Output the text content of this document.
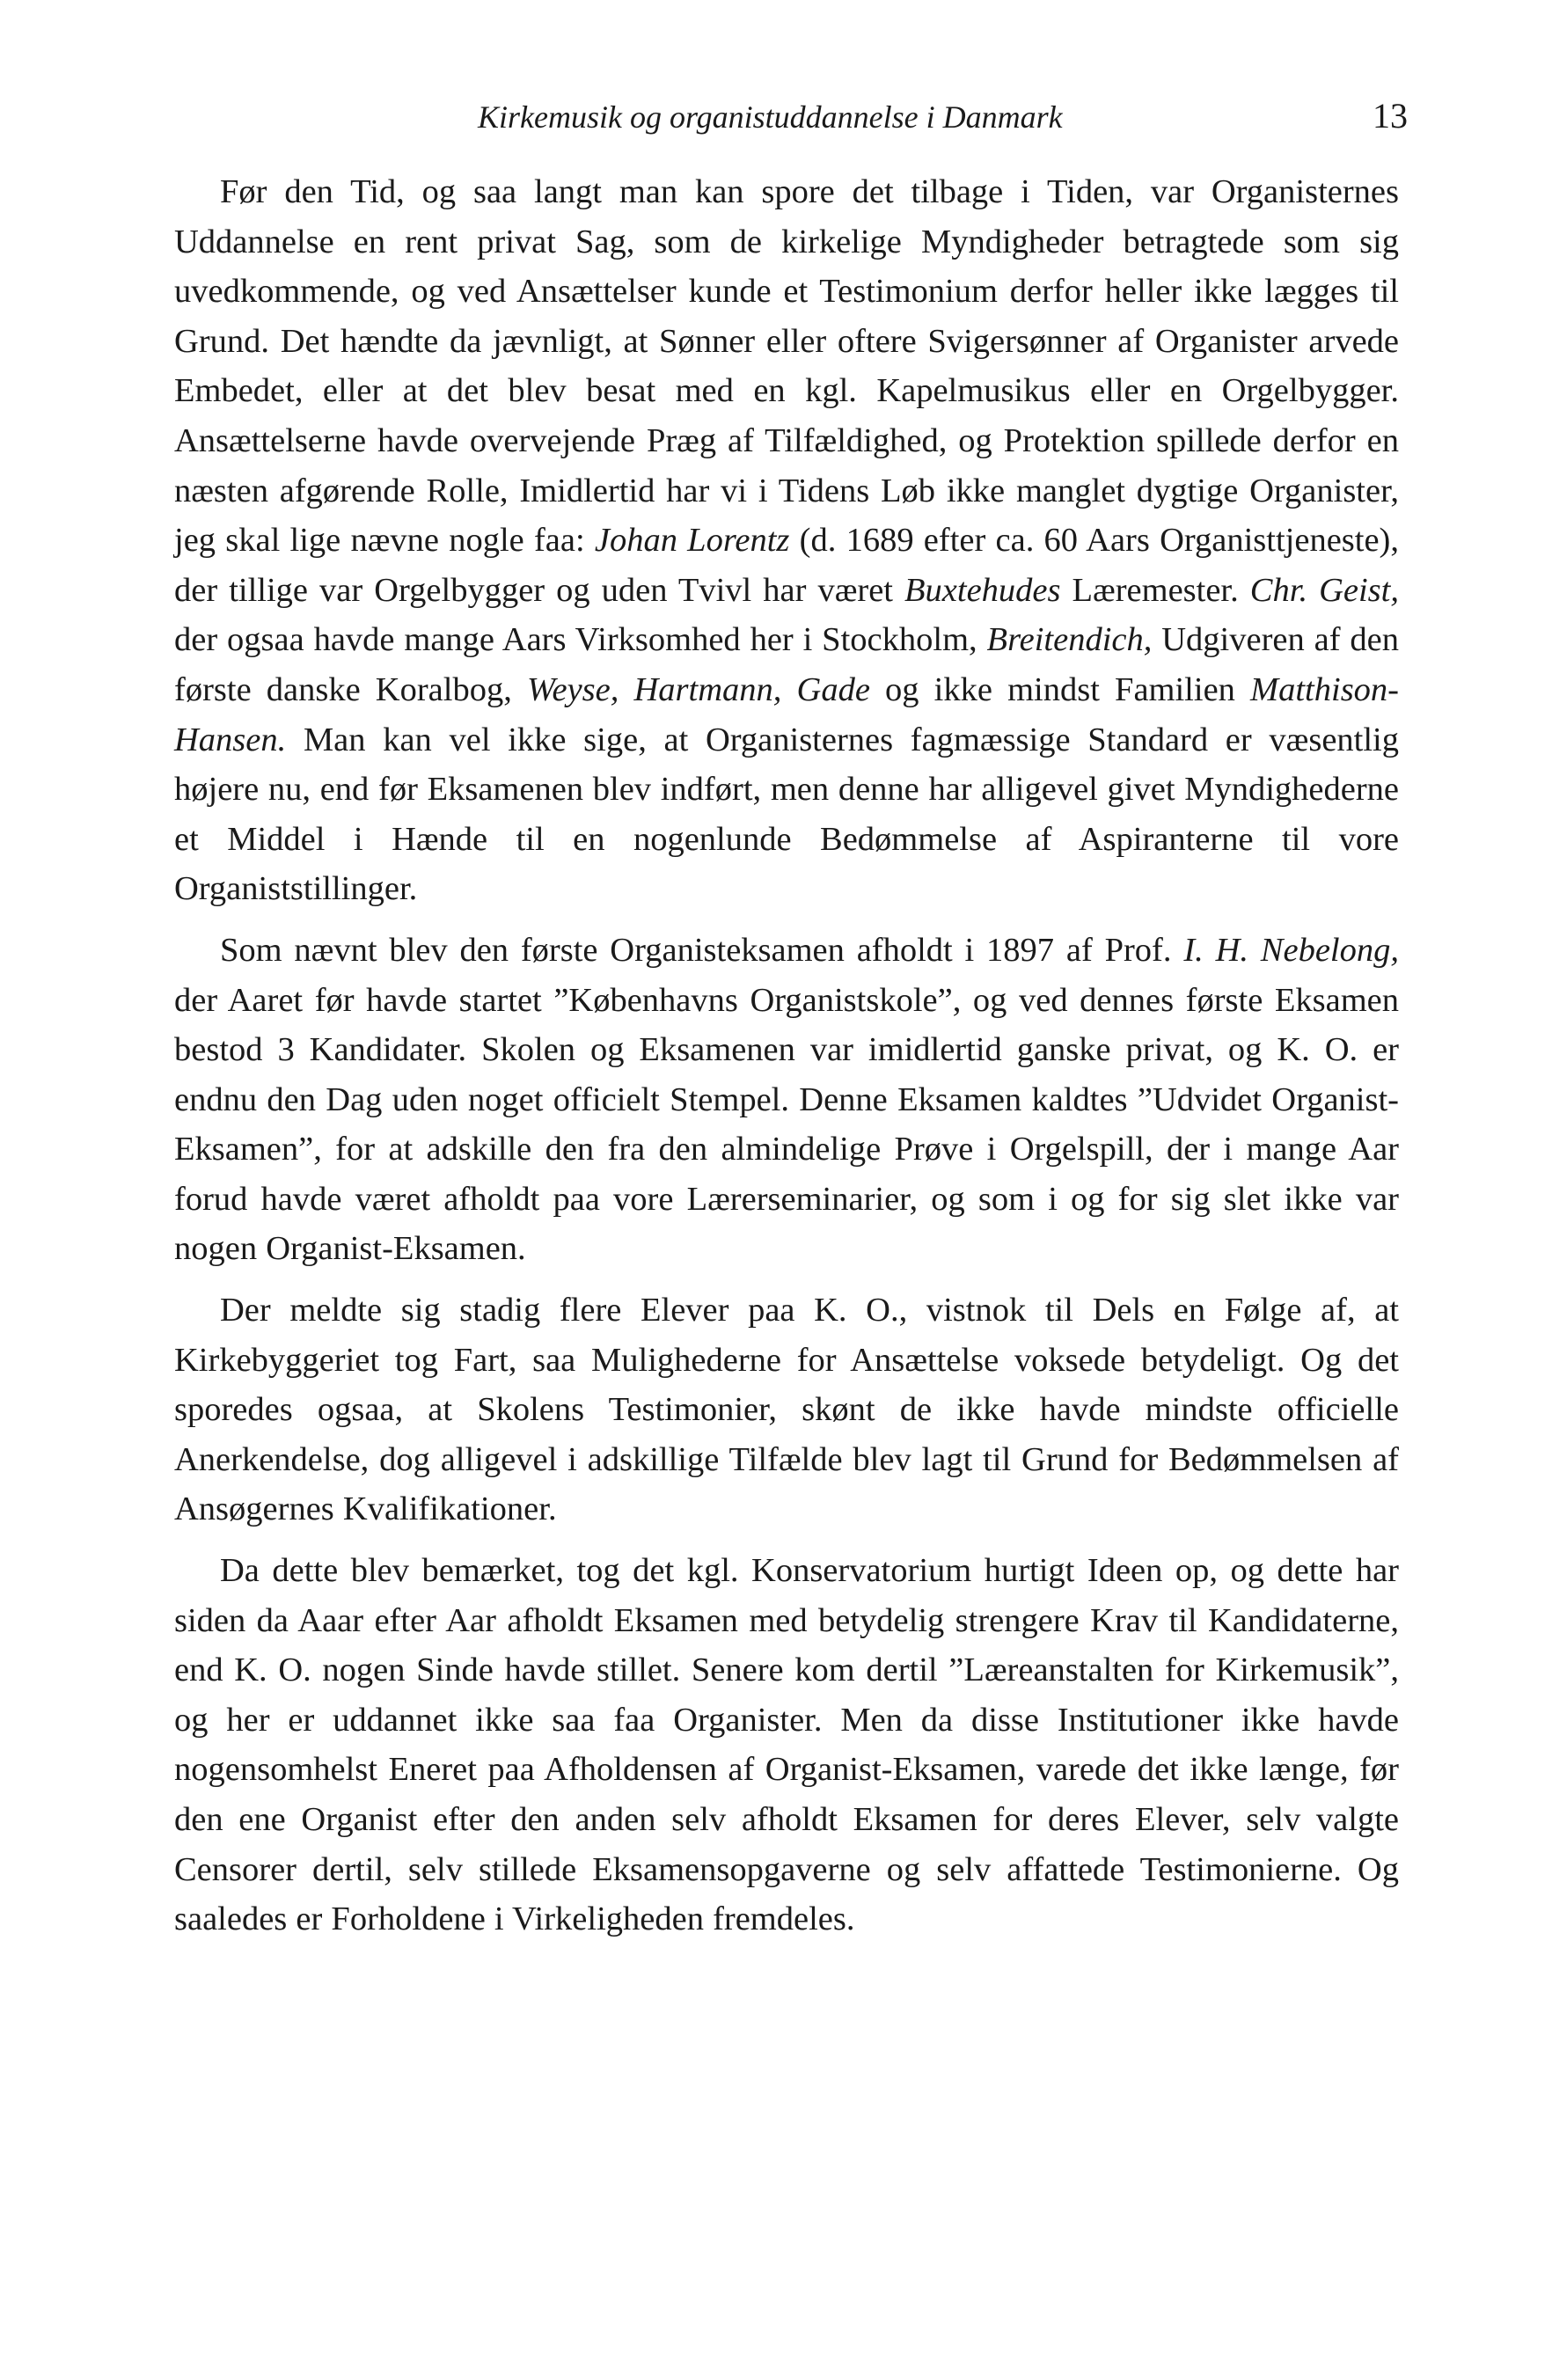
Kirkemusik og organistuddannelse i Danmark	13

Før den Tid, og saa langt man kan spore det tilbage i Tiden, var Organisternes Uddannelse en rent privat Sag, som de kirkelige Myndigheder betragtede som sig uvedkommende, og ved Ansættelser kunde et Testimonium derfor heller ikke lægges til Grund. Det hændte da jævnligt, at Sønner eller oftere Svigersønner af Organister arvede Embedet, eller at det blev besat med en kgl. Kapelmusikus eller en Orgelbygger. Ansættelserne havde overvejende Præg af Tilfældighed, og Protektion spillede derfor en næsten afgørende Rolle, Imidlertid har vi i Tidens Løb ikke manglet dygtige Organister, jeg skal lige nævne nogle faa: Johan Lorentz (d. 1689 efter ca. 60 Aars Organisttjeneste), der tillige var Orgelbygger og uden Tvivl har været Buxtehudes Læremester. Chr. Geist, der ogsaa havde mange Aars Virksomhed her i Stockholm, Breitendich, Udgiveren af den første danske Koralbog, Weyse, Hartmann, Gade og ikke mindst Familien Matthison-Hansen. Man kan vel ikke sige, at Organisternes fagmæssige Standard er væsentlig højere nu, end før Eksamenen blev indført, men denne har alligevel givet Myndighederne et Middel i Hænde til en nogenlunde Bedømmelse af Aspiranterne til vore Organiststillinger.

Som nævnt blev den første Organisteksamen afholdt i 1897 af Prof. I. H. Nebelong, der Aaret før havde startet ”Københavns Organistskole”, og ved dennes første Eksamen bestod 3 Kandidater. Skolen og Eksamenen var imidlertid ganske privat, og K. O. er endnu den Dag uden noget officielt Stempel. Denne Eksamen kaldtes ”Udvidet Organist-Eksamen”, for at adskille den fra den almindelige Prøve i Orgelspill, der i mange Aar forud havde været afholdt paa vore Lærerseminarier, og som i og for sig slet ikke var nogen Organist-Eksamen.

Der meldte sig stadig flere Elever paa K. O., vistnok til Dels en Følge af, at Kirkebyggeriet tog Fart, saa Mulighederne for Ansættelse voksede betydeligt. Og det sporedes ogsaa, at Skolens Testimonier, skønt de ikke havde mindste officielle Anerkendelse, dog alligevel i adskillige Tilfælde blev lagt til Grund for Bedømmelsen af Ansøgernes Kvalifikationer.

Da dette blev bemærket, tog det kgl. Konservatorium hurtigt Ideen op, og dette har siden da Aaar efter Aar afholdt Eksamen med betydelig strengere Krav til Kandidaterne, end K. O. nogen Sinde havde stillet. Senere kom dertil ”Læreanstalten for Kirkemusik”, og her er uddannet ikke saa faa Organister. Men da disse Institutioner ikke havde nogensomhelst Eneret paa Afholdensen af Organist-Eksamen, varede det ikke længe, før den ene Organist efter den anden selv afholdt Eksamen for deres Elever, selv valgte Censorer dertil, selv stillede Eksamensopgaverne og selv affattede Testimonierne. Og saaledes er Forholdene i Virkeligheden fremdeles.
